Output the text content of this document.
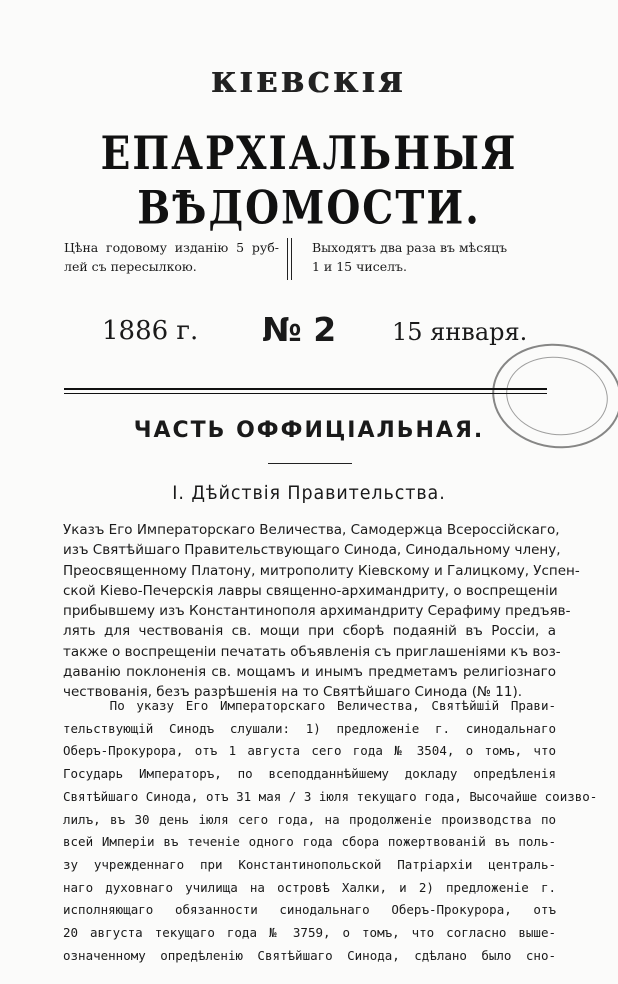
КІЕВСКІЯ
ЕПАРХІАЛЬНЫЯ ВѢДОМОСТИ.
Цѣна годовому изданію 5 руб- лей съ пересылкою.
Выходятъ два раза въ мѣсяцъ
1 и 15 чиселъ.
1886 г. № 2 15 января.
ЧАСТЬ ОФФИЦІАЛЬНАЯ.
І. Дѣйствія Правительства.
Указъ Его Императорскаго Величества, Самодержца Всероссійскаго,
изъ Святѣйшаго Правительствующаго Синода, Синодальному члену,
Преосвященному Платону, митрополиту Кіевскому и Галицкому, Успен-
ской Кіево-Печерскія лавры священно-архимандриту, о воспрещеніи
прибывшему изъ Константинополя архимандриту Серафиму предъяв-
лять для чествованія св. мощи при сборѣ подаяній въ Россіи, а
также о воспрещеніи печатать объявленія съ приглашеніями къ воз-
даванію поклоненія св. мощамъ и инымъ предметамъ религіознаго
чествованія, безъ разрѣшенія на то Святѣйшаго Синода (№ 11).
По указу Его Императорскаго Величества, Святѣйшій Прави-
тельствующій Синодъ слушали: 1) предложеніе г. синодальнаго
Оберъ-Прокурора, отъ 1 августа сего года № 3504, о томъ, что
Государь Императоръ, по всеподданнѣйшему докладу опредѣленія
Святѣйшаго Синода, отъ 31 мая / 3 іюля текущаго года, Высочайше соизво-
лилъ, въ 30 день іюля сего года, на продолженіе производства по
всей Имперіи въ теченіе одного года сбора пожертвованій въ поль-
зу учрежденнаго при Константинопольской Патріархіи централь-
наго духовнаго училища на островѣ Халки, и 2) предложеніе г.
исполняющаго обязанности синодальнаго Оберъ-Прокурора, отъ
20 августа текущаго года № 3759, о томъ, что согласно выше-
означенному опредѣленію Святѣйшаго Синода, сдѣлано было сно-
